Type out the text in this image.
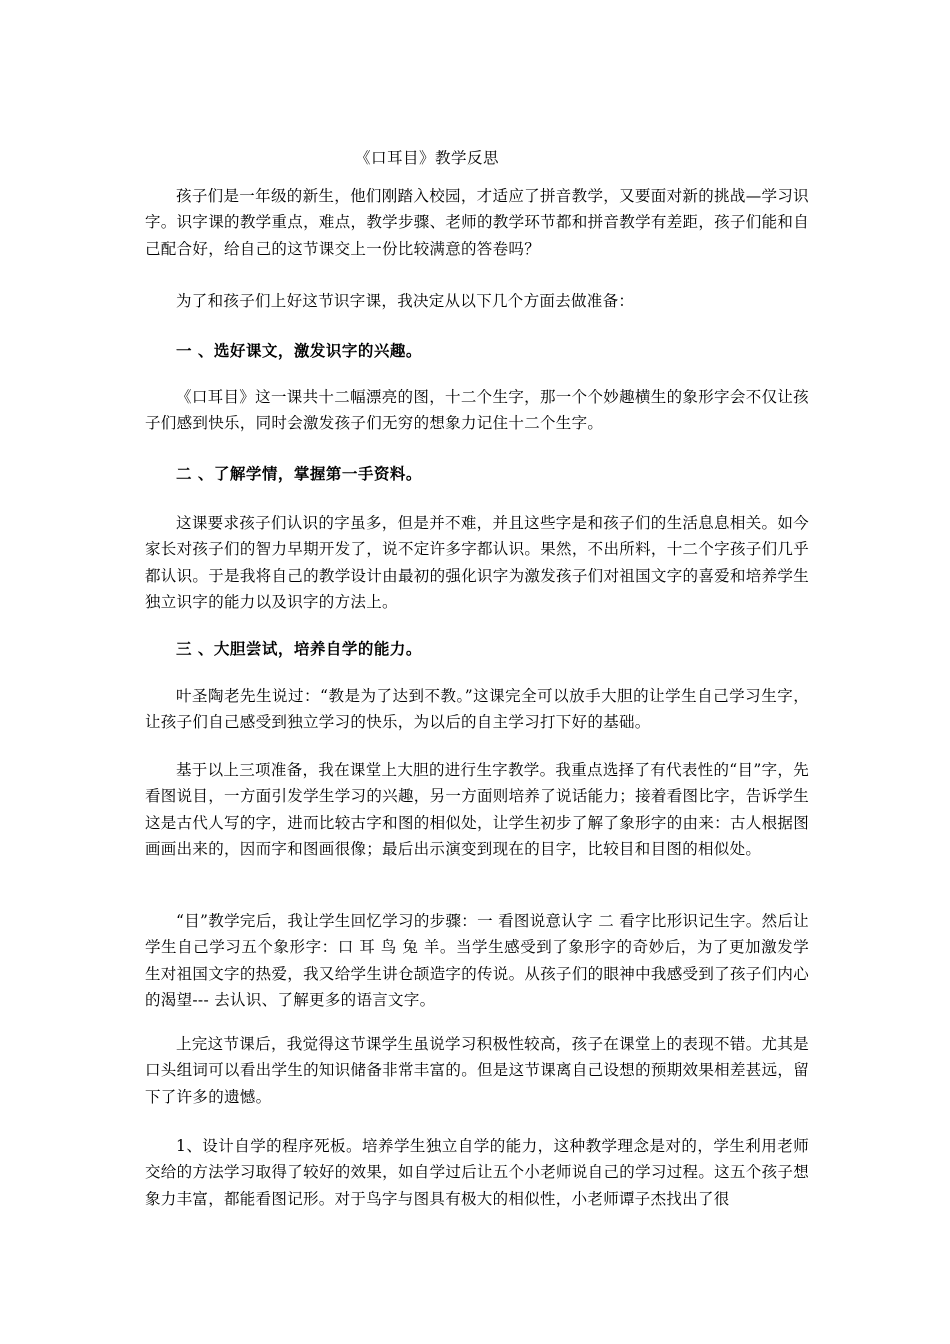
《口耳目》教学反思
孩子们是一年级的新生，他们刚踏入校园，才适应了拼音教学，又要面对新的挑战—学习识字。识字课的教学重点，难点，教学步骤、老师的教学环节都和拼音教学有差距，孩子们能和自己配合好，给自己的这节课交上一份比较满意的答卷吗？
为了和孩子们上好这节识字课，我决定从以下几个方面去做准备：
一 、选好课文，激发识字的兴趣。
《口耳目》这一课共十二幅漂亮的图，十二个生字，那一个个妙趣横生的象形字会不仅让孩子们感到快乐，同时会激发孩子们无穷的想象力记住十二个生字。
二 、了解学情，掌握第一手资料。
这课要求孩子们认识的字虽多，但是并不难，并且这些字是和孩子们的生活息息相关。如今家长对孩子们的智力早期开发了，说不定许多字都认识。果然，不出所料，十二个字孩子们几乎都认识。于是我将自己的教学设计由最初的强化识字为激发孩子们对祖国文字的喜爱和培养学生独立识字的能力以及识字的方法上。
三 、大胆尝试，培养自学的能力。
叶圣陶老先生说过：“教是为了达到不教。”这课完全可以放手大胆的让学生自己学习生字，让孩子们自己感受到独立学习的快乐，为以后的自主学习打下好的基础。
基于以上三项准备，我在课堂上大胆的进行生字教学。我重点选择了有代表性的“目”字，先看图说目，一方面引发学生学习的兴趣，另一方面则培养了说话能力；接着看图比字，告诉学生这是古代人写的字，进而比较古字和图的相似处，让学生初步了解了象形字的由来：古人根据图画画出来的，因而字和图画很像；最后出示演变到现在的目字，比较目和目图的相似处。
“目”教学完后，我让学生回忆学习的步骤：一 看图说意认字 二 看字比形识记生字。然后让学生自己学习五个象形字：口 耳 鸟 兔 羊。当学生感受到了象形字的奇妙后，为了更加激发学生对祖国文字的热爱，我又给学生讲仓颉造字的传说。从孩子们的眼神中我感受到了孩子们内心的渴望--- 去认识、了解更多的语言文字。
上完这节课后，我觉得这节课学生虽说学习积极性较高，孩子在课堂上的表现不错。尤其是口头组词可以看出学生的知识储备非常丰富的。但是这节课离自己设想的预期效果相差甚远，留下了许多的遗憾。
1、设计自学的程序死板。培养学生独立自学的能力，这种教学理念是对的，学生利用老师交给的方法学习取得了较好的效果，如自学过后让五个小老师说自己的学习过程。这五个孩子想象力丰富，都能看图记形。对于鸟字与图具有极大的相似性，小老师谭子杰找出了很
